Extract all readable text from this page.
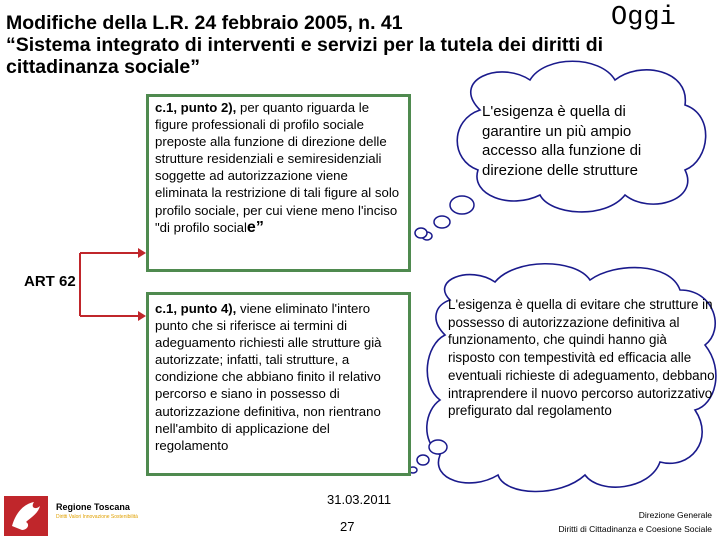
Modifiche della L.R. 24 febbraio 2005, n. 41
“Sistema integrato di interventi e servizi per la tutela dei diritti di
cittadinanza sociale”
Oggi
c.1, punto 2), per quanto riguarda le figure professionali di profilo sociale preposte alla funzione di direzione delle strutture residenziali e semiresidenziali soggette ad autorizzazione viene eliminata la restrizione di tali figure al solo profilo sociale, per cui viene meno l'inciso "di profilo sociale”
c.1, punto 4), viene eliminato l'intero punto che si riferisce ai termini di adeguamento richiesti alle strutture già autorizzate; infatti, tali strutture, a condizione che abbiano finito il relativo percorso e siano in possesso di autorizzazione definitiva, non rientrano nell'ambito di applicazione del regolamento
ART 62
L'esigenza è quella di garantire un più ampio accesso alla funzione di direzione delle strutture
L'esigenza è quella di evitare che strutture in possesso di autorizzazione definitiva al funzionamento, che quindi hanno già risposto con tempestività ed efficacia alle eventuali richieste di adeguamento, debbano intraprendere il nuovo percorso autorizzativo prefigurato dal regolamento
Regione Toscana
Diritti Valori Innovazione Sostenibilità
31.03.2011
27
Direzione Generale
Diritti di Cittadinanza e Coesione Sociale
